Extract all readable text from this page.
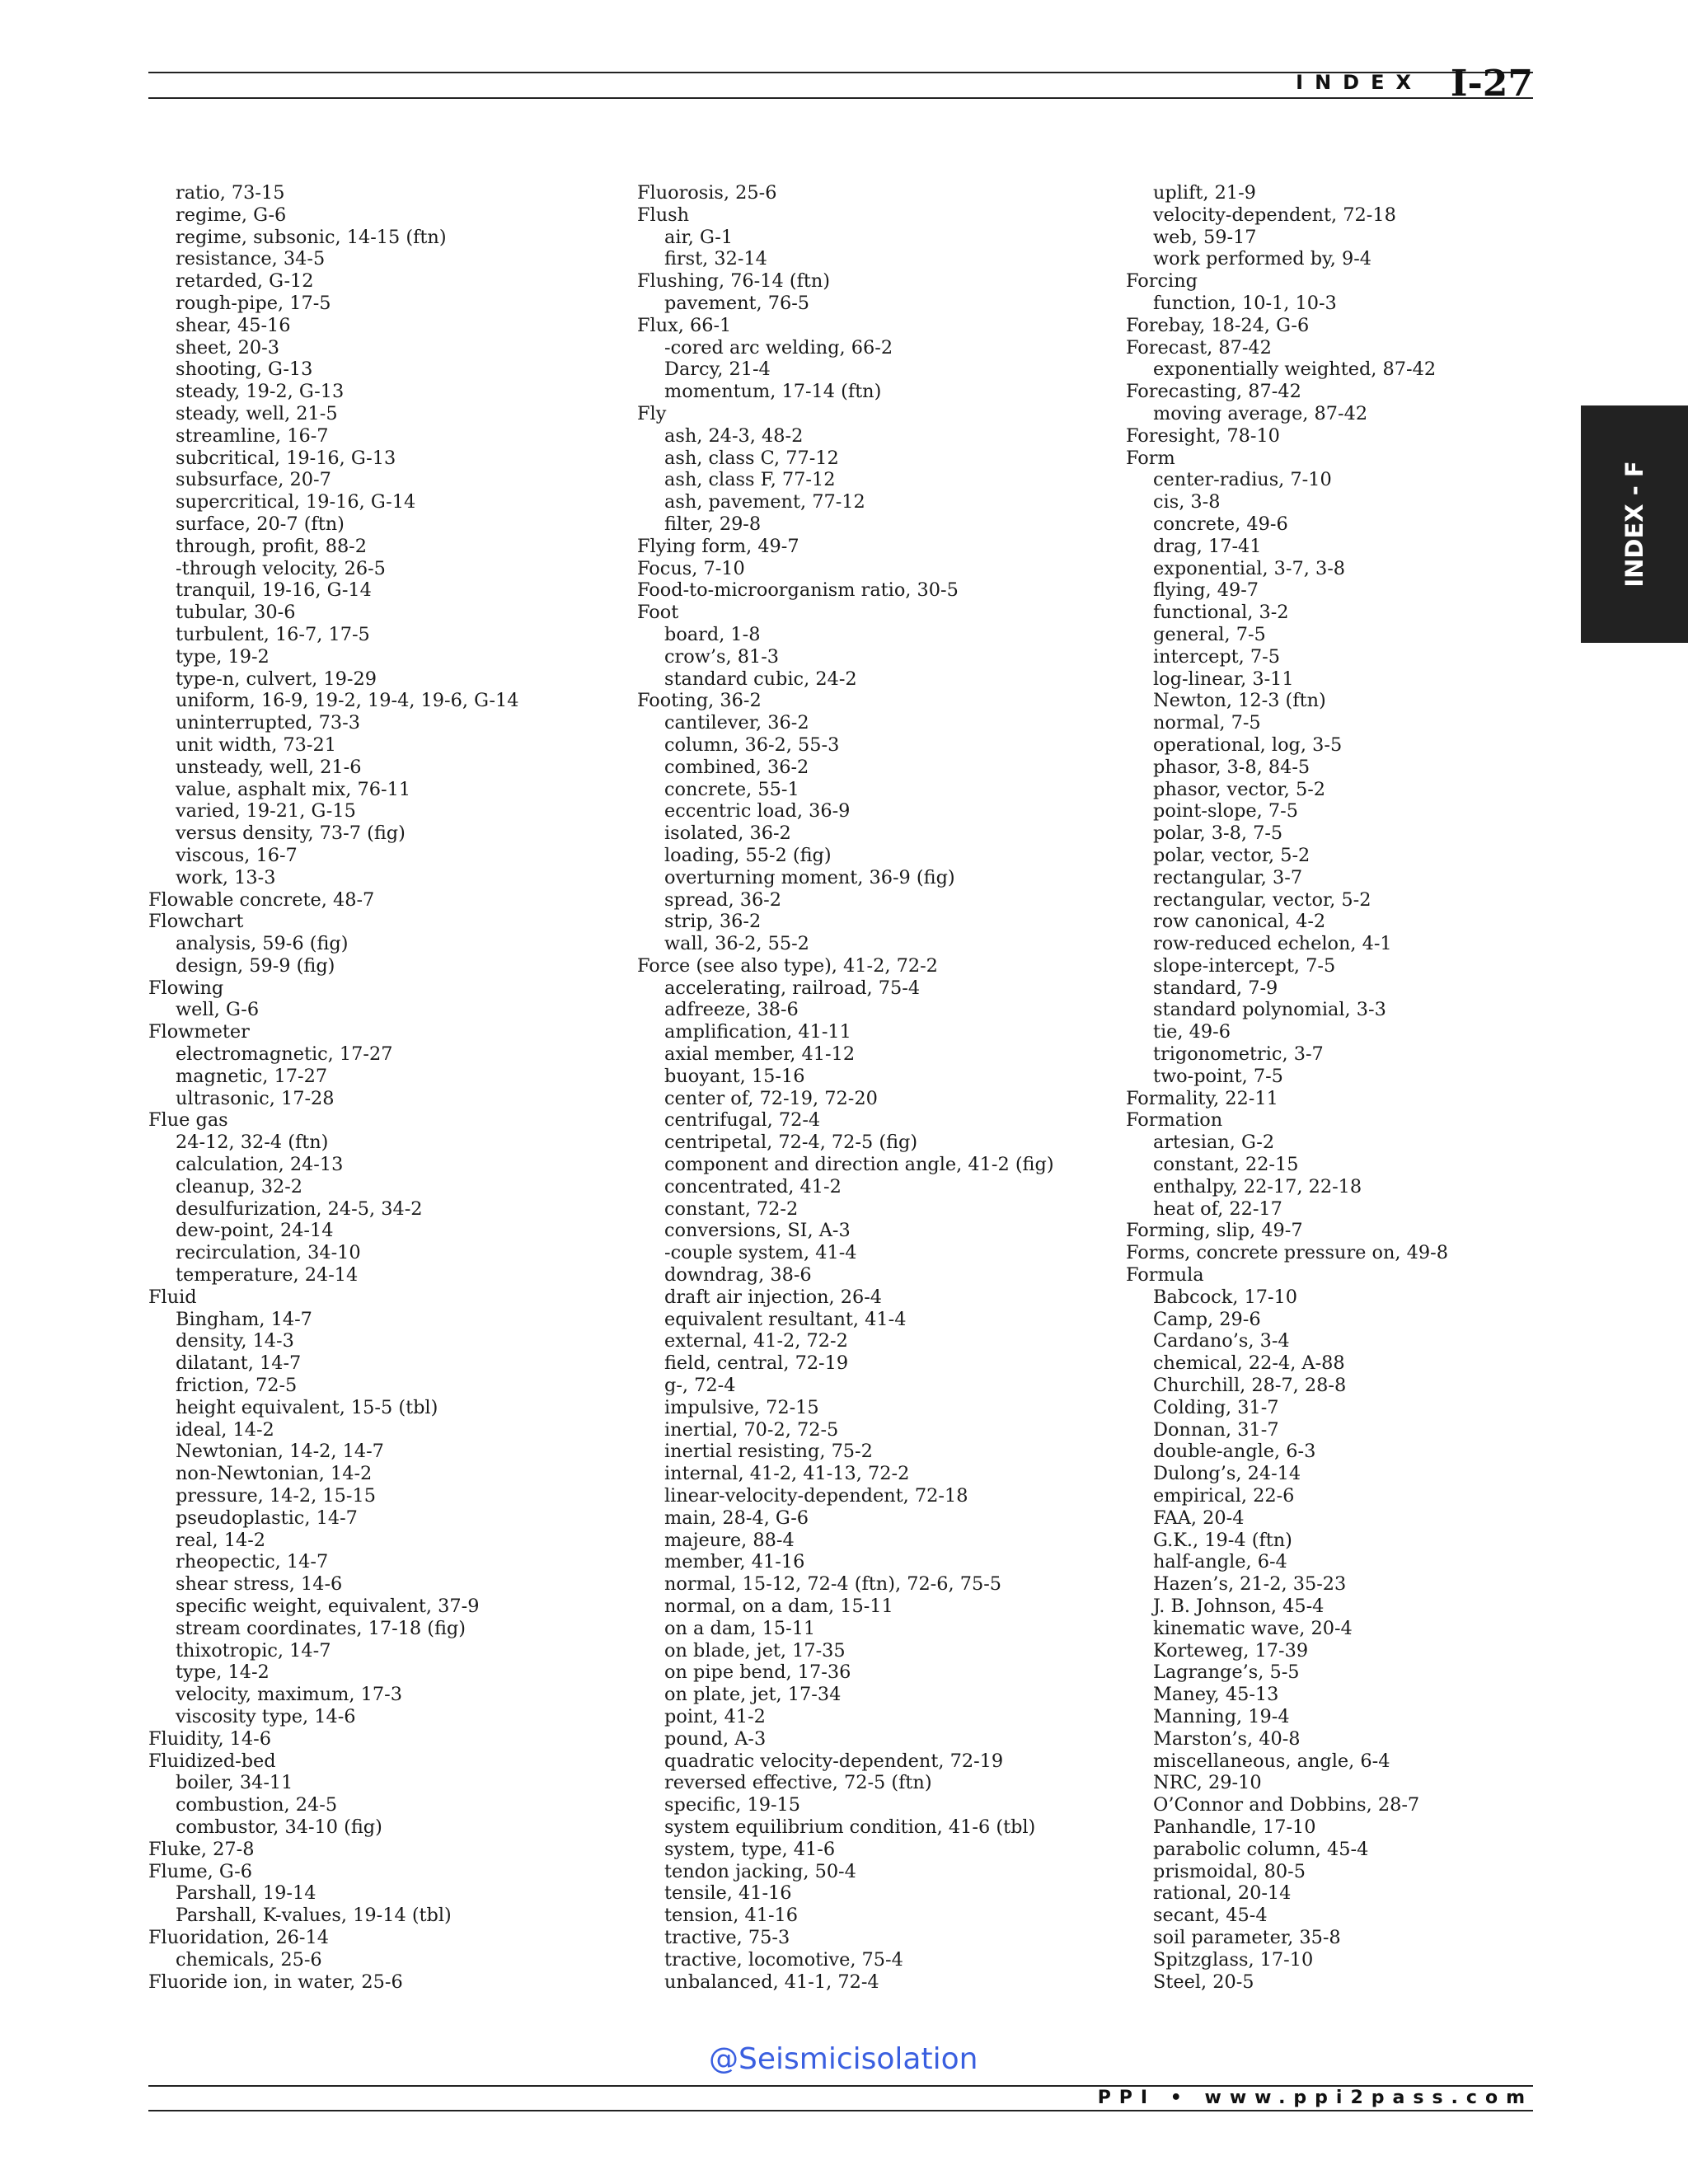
INDEX I-27
INDEX - F
ratio, 73-15
regime, G-6
regime, subsonic, 14-15 (ftn)
resistance, 34-5
retarded, G-12
rough-pipe, 17-5
shear, 45-16
sheet, 20-3
shooting, G-13
steady, 19-2, G-13
steady, well, 21-5
streamline, 16-7
subcritical, 19-16, G-13
subsurface, 20-7
supercritical, 19-16, G-14
surface, 20-7 (ftn)
through, profit, 88-2
-through velocity, 26-5
tranquil, 19-16, G-14
tubular, 30-6
turbulent, 16-7, 17-5
type, 19-2
type-n, culvert, 19-29
uniform, 16-9, 19-2, 19-4, 19-6, G-14
uninterrupted, 73-3
unit width, 73-21
unsteady, well, 21-6
value, asphalt mix, 76-11
varied, 19-21, G-15
versus density, 73-7 (fig)
viscous, 16-7
work, 13-3
Flowable concrete, 48-7
Flowchart
analysis, 59-6 (fig)
design, 59-9 (fig)
Flowing
well, G-6
Flowmeter
electromagnetic, 17-27
magnetic, 17-27
ultrasonic, 17-28
Flue gas
24-12, 32-4 (ftn)
calculation, 24-13
cleanup, 32-2
desulfurization, 24-5, 34-2
dew-point, 24-14
recirculation, 34-10
temperature, 24-14
Fluid
Bingham, 14-7
density, 14-3
dilatant, 14-7
friction, 72-5
height equivalent, 15-5 (tbl)
ideal, 14-2
Newtonian, 14-2, 14-7
non-Newtonian, 14-2
pressure, 14-2, 15-15
pseudoplastic, 14-7
real, 14-2
rheopectic, 14-7
shear stress, 14-6
specific weight, equivalent, 37-9
stream coordinates, 17-18 (fig)
thixotropic, 14-7
type, 14-2
velocity, maximum, 17-3
viscosity type, 14-6
Fluidity, 14-6
Fluidized-bed
boiler, 34-11
combustion, 24-5
combustor, 34-10 (fig)
Fluke, 27-8
Flume, G-6
Parshall, 19-14
Parshall, K-values, 19-14 (tbl)
Fluoridation, 26-14
chemicals, 25-6
Fluoride ion, in water, 25-6
Fluorosis, 25-6
Flush
air, G-1
first, 32-14
Flushing, 76-14 (ftn)
pavement, 76-5
Flux, 66-1
-cored arc welding, 66-2
Darcy, 21-4
momentum, 17-14 (ftn)
Fly
ash, 24-3, 48-2
ash, class C, 77-12
ash, class F, 77-12
ash, pavement, 77-12
filter, 29-8
Flying form, 49-7
Focus, 7-10
Food-to-microorganism ratio, 30-5
Foot
board, 1-8
crow’s, 81-3
standard cubic, 24-2
Footing, 36-2
cantilever, 36-2
column, 36-2, 55-3
combined, 36-2
concrete, 55-1
eccentric load, 36-9
isolated, 36-2
loading, 55-2 (fig)
overturning moment, 36-9 (fig)
spread, 36-2
strip, 36-2
wall, 36-2, 55-2
Force (see also type), 41-2, 72-2
accelerating, railroad, 75-4
adfreeze, 38-6
amplification, 41-11
axial member, 41-12
buoyant, 15-16
center of, 72-19, 72-20
centrifugal, 72-4
centripetal, 72-4, 72-5 (fig)
component and direction angle, 41-2 (fig)
concentrated, 41-2
constant, 72-2
conversions, SI, A-3
-couple system, 41-4
downdrag, 38-6
draft air injection, 26-4
equivalent resultant, 41-4
external, 41-2, 72-2
field, central, 72-19
g-, 72-4
impulsive, 72-15
inertial, 70-2, 72-5
inertial resisting, 75-2
internal, 41-2, 41-13, 72-2
linear-velocity-dependent, 72-18
main, 28-4, G-6
majeure, 88-4
member, 41-16
normal, 15-12, 72-4 (ftn), 72-6, 75-5
normal, on a dam, 15-11
on a dam, 15-11
on blade, jet, 17-35
on pipe bend, 17-36
on plate, jet, 17-34
point, 41-2
pound, A-3
quadratic velocity-dependent, 72-19
reversed effective, 72-5 (ftn)
specific, 19-15
system equilibrium condition, 41-6 (tbl)
system, type, 41-6
tendon jacking, 50-4
tensile, 41-16
tension, 41-16
tractive, 75-3
tractive, locomotive, 75-4
unbalanced, 41-1, 72-4
uplift, 21-9
velocity-dependent, 72-18
web, 59-17
work performed by, 9-4
Forcing
function, 10-1, 10-3
Forebay, 18-24, G-6
Forecast, 87-42
exponentially weighted, 87-42
Forecasting, 87-42
moving average, 87-42
Foresight, 78-10
Form
center-radius, 7-10
cis, 3-8
concrete, 49-6
drag, 17-41
exponential, 3-7, 3-8
flying, 49-7
functional, 3-2
general, 7-5
intercept, 7-5
log-linear, 3-11
Newton, 12-3 (ftn)
normal, 7-5
operational, log, 3-5
phasor, 3-8, 84-5
phasor, vector, 5-2
point-slope, 7-5
polar, 3-8, 7-5
polar, vector, 5-2
rectangular, 3-7
rectangular, vector, 5-2
row canonical, 4-2
row-reduced echelon, 4-1
slope-intercept, 7-5
standard, 7-9
standard polynomial, 3-3
tie, 49-6
trigonometric, 3-7
two-point, 7-5
Formality, 22-11
Formation
artesian, G-2
constant, 22-15
enthalpy, 22-17, 22-18
heat of, 22-17
Forming, slip, 49-7
Forms, concrete pressure on, 49-8
Formula
Babcock, 17-10
Camp, 29-6
Cardano’s, 3-4
chemical, 22-4, A-88
Churchill, 28-7, 28-8
Colding, 31-7
Donnan, 31-7
double-angle, 6-3
Dulong’s, 24-14
empirical, 22-6
FAA, 20-4
G.K., 19-4 (ftn)
half-angle, 6-4
Hazen’s, 21-2, 35-23
J. B. Johnson, 45-4
kinematic wave, 20-4
Korteweg, 17-39
Lagrange’s, 5-5
Maney, 45-13
Manning, 19-4
Marston’s, 40-8
miscellaneous, angle, 6-4
NRC, 29-10
O’Connor and Dobbins, 28-7
Panhandle, 17-10
parabolic column, 45-4
prismoidal, 80-5
rational, 20-14
secant, 45-4
soil parameter, 35-8
Spitzglass, 17-10
Steel, 20-5
@Seismicisolation
PPI • www.ppi2pass.com
